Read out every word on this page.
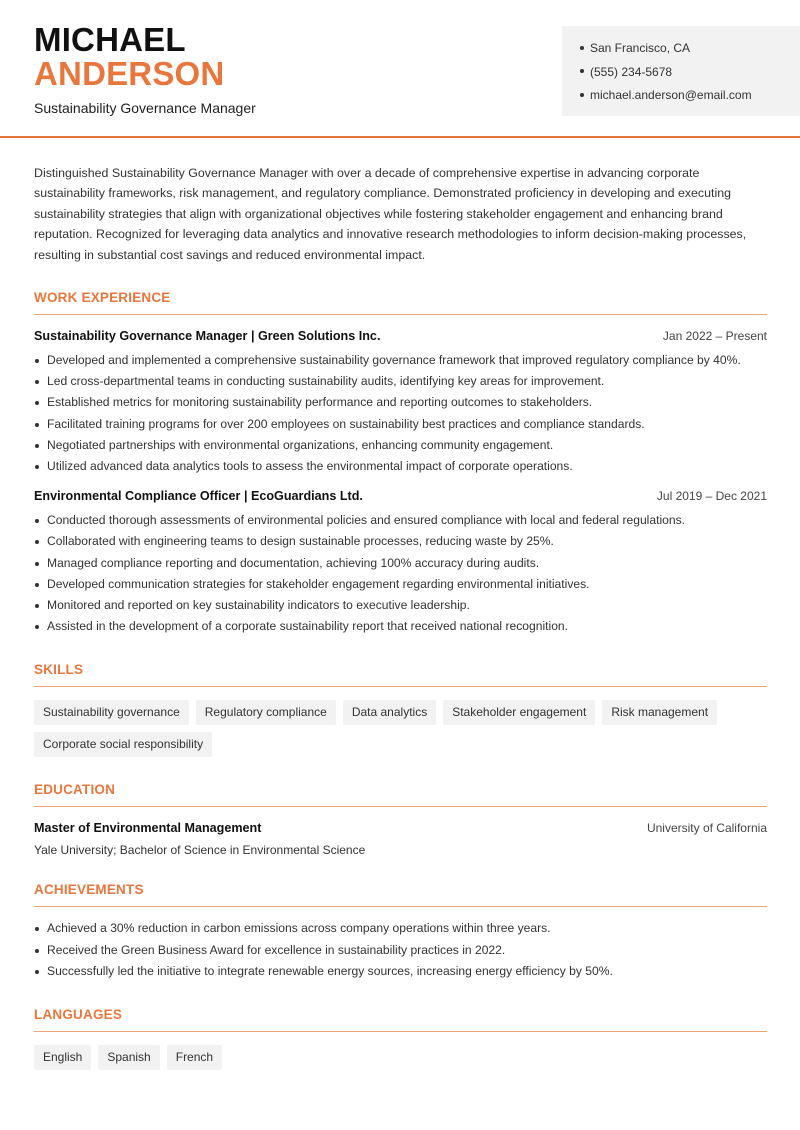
MICHAEL
ANDERSON
Sustainability Governance Manager
San Francisco, CA
(555) 234-5678
michael.anderson@email.com

Distinguished Sustainability Governance Manager with over a decade of comprehensive expertise in advancing corporate sustainability frameworks, risk management, and regulatory compliance. Demonstrated proficiency in developing and executing sustainability strategies that align with organizational objectives while fostering stakeholder engagement and enhancing brand reputation. Recognized for leveraging data analytics and innovative research methodologies to inform decision-making processes, resulting in substantial cost savings and reduced environmental impact.

WORK EXPERIENCE
Sustainability Governance Manager | Green Solutions Inc.	Jan 2022 – Present
Developed and implemented a comprehensive sustainability governance framework that improved regulatory compliance by 40%.
Led cross-departmental teams in conducting sustainability audits, identifying key areas for improvement.
Established metrics for monitoring sustainability performance and reporting outcomes to stakeholders.
Facilitated training programs for over 200 employees on sustainability best practices and compliance standards.
Negotiated partnerships with environmental organizations, enhancing community engagement.
Utilized advanced data analytics tools to assess the environmental impact of corporate operations.
Environmental Compliance Officer | EcoGuardians Ltd.	Jul 2019 – Dec 2021
Conducted thorough assessments of environmental policies and ensured compliance with local and federal regulations.
Collaborated with engineering teams to design sustainable processes, reducing waste by 25%.
Managed compliance reporting and documentation, achieving 100% accuracy during audits.
Developed communication strategies for stakeholder engagement regarding environmental initiatives.
Monitored and reported on key sustainability indicators to executive leadership.
Assisted in the development of a corporate sustainability report that received national recognition.
SKILLS
Sustainability governance	Regulatory compliance	Data analytics	Stakeholder engagement	Risk management
Corporate social responsibility
EDUCATION
Master of Environmental Management	University of California
Yale University; Bachelor of Science in Environmental Science
ACHIEVEMENTS
Achieved a 30% reduction in carbon emissions across company operations within three years.
Received the Green Business Award for excellence in sustainability practices in 2022.
Successfully led the initiative to integrate renewable energy sources, increasing energy efficiency by 50%.
LANGUAGES
English	Spanish	French
